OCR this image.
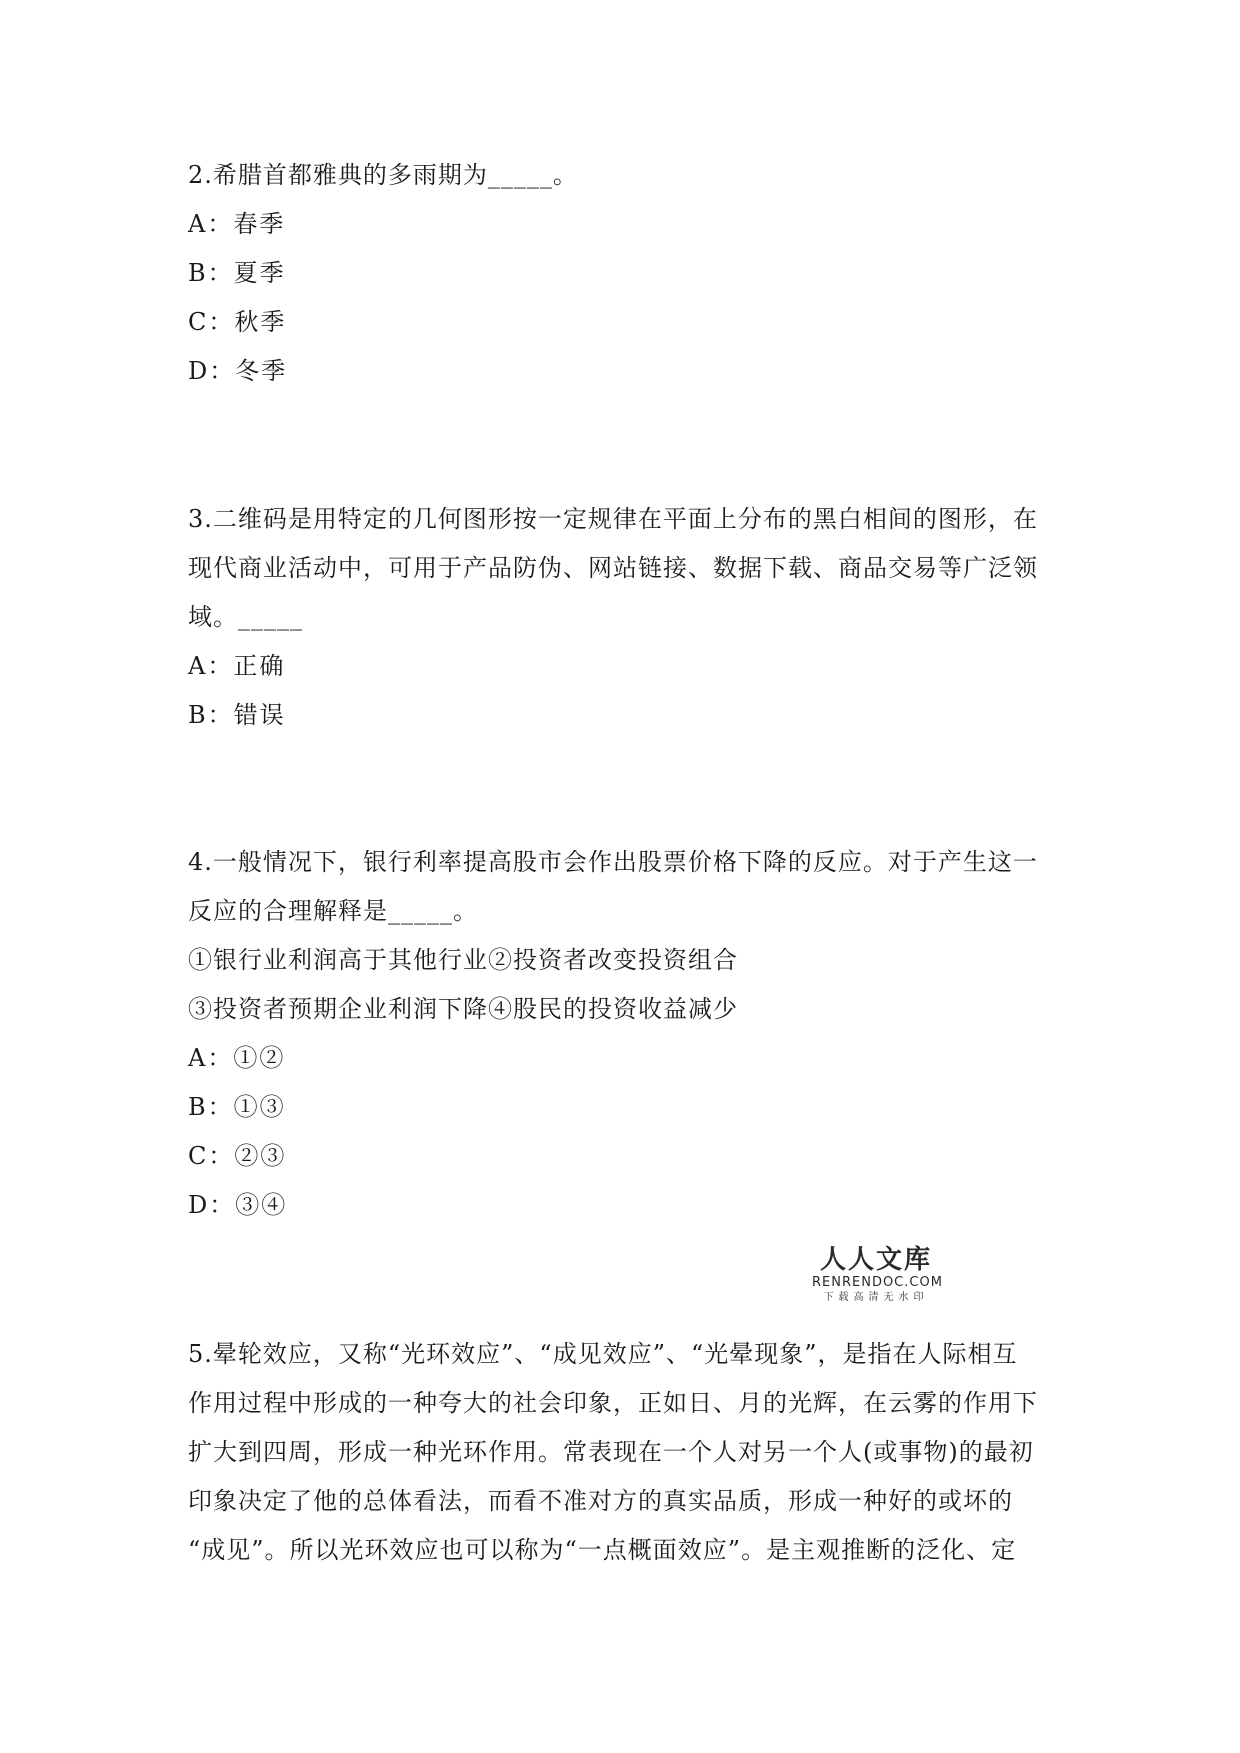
2.希腊首都雅典的多雨期为_____。
A：春季
B：夏季
C：秋季
D：冬季
3.二维码是用特定的几何图形按一定规律在平面上分布的黑白相间的图形，在
现代商业活动中，可用于产品防伪、网站链接、数据下载、商品交易等广泛领
域。_____
A：正确
B：错误
4.一般情况下，银行利率提高股市会作出股票价格下降的反应。对于产生这一
反应的合理解释是_____。
①银行业利润高于其他行业②投资者改变投资组合
③投资者预期企业利润下降④股民的投资收益减少
A：①②
B：①③
C：②③
D：③④
人人文库
RENRENDOC.COM
下载高清无水印
5.晕轮效应，又称“光环效应”、“成见效应”、“光晕现象”，是指在人际相互
作用过程中形成的一种夸大的社会印象，正如日、月的光辉，在云雾的作用下
扩大到四周，形成一种光环作用。常表现在一个人对另一个人(或事物)的最初
印象决定了他的总体看法，而看不准对方的真实品质，形成一种好的或坏的
“成见”。所以光环效应也可以称为“一点概面效应”。是主观推断的泛化、定
